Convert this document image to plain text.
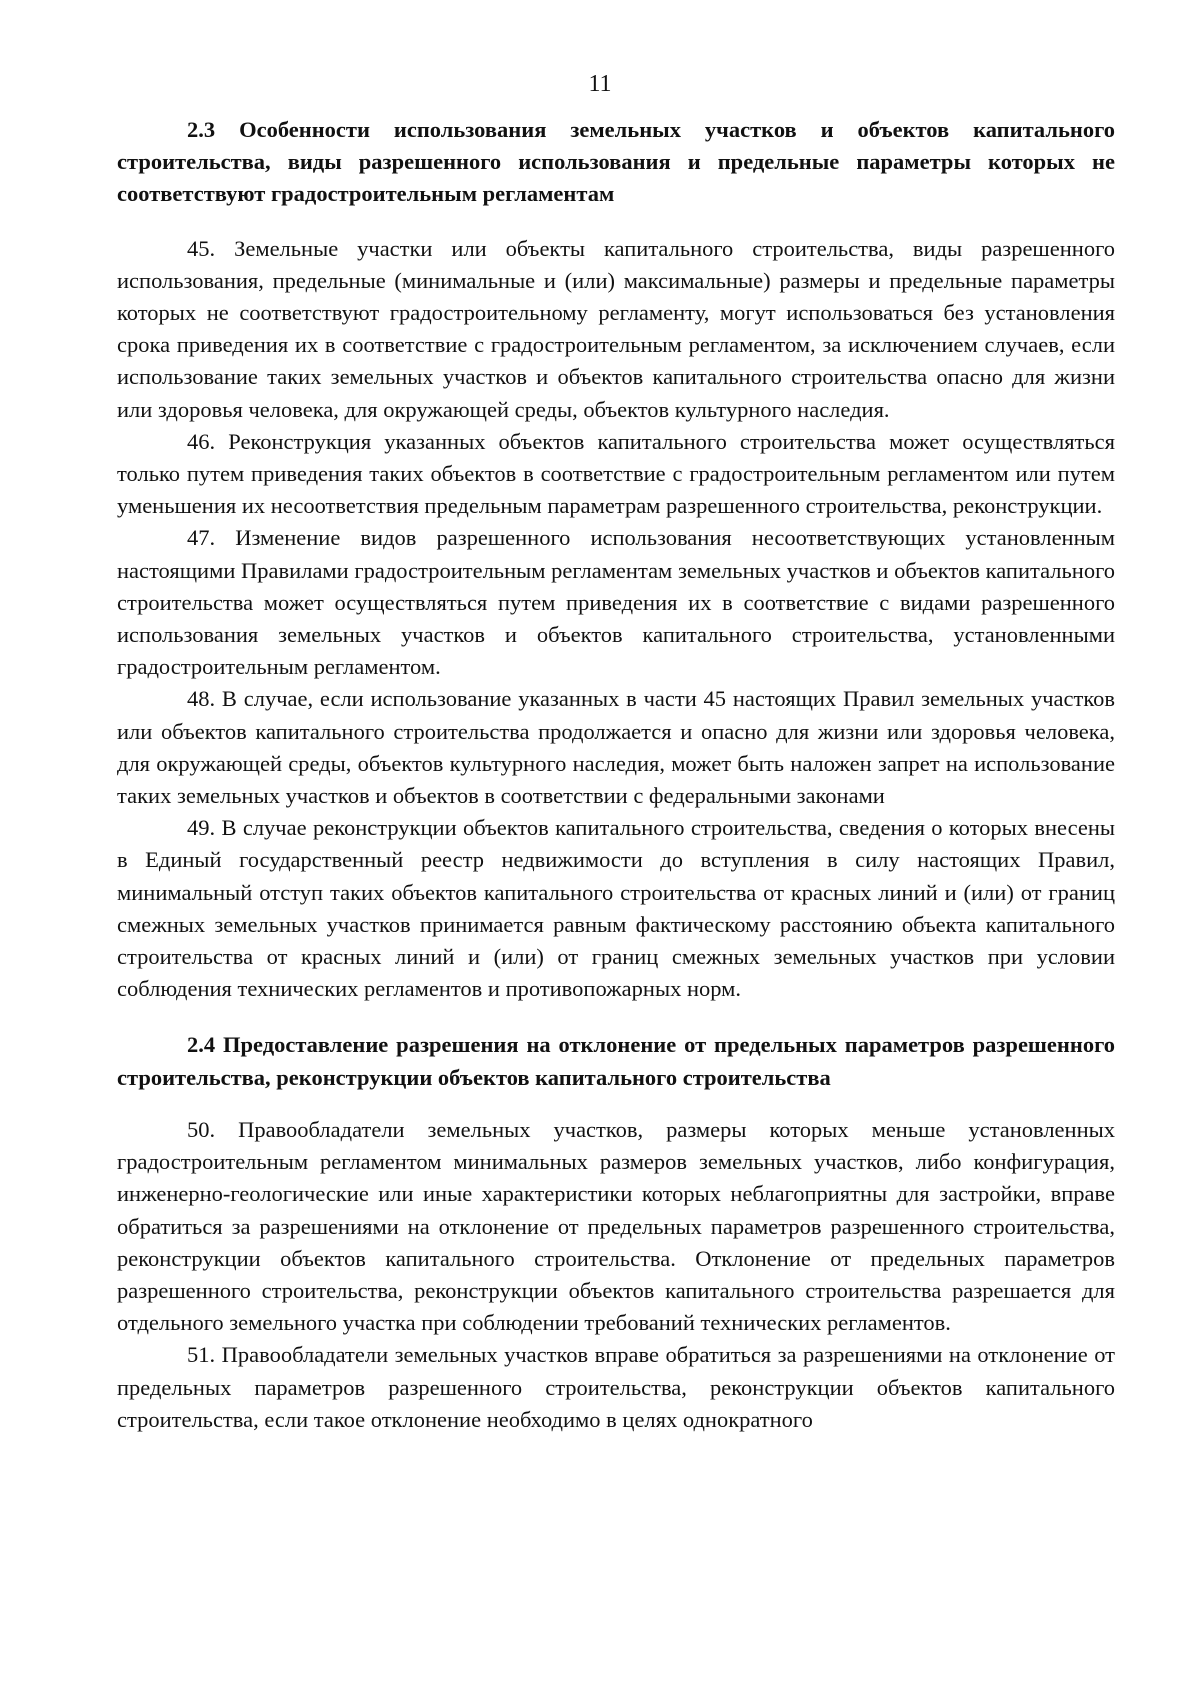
11

2.3 Особенности использования земельных участков и объектов капитального строительства, виды разрешенного использования и предельные параметры которых не соответствуют градостроительным регламентам

45. Земельные участки или объекты капитального строительства, виды разрешенного использования, предельные (минимальные и (или) максимальные) размеры и предельные параметры которых не соответствуют градостроительному регламенту, могут использоваться без установления срока приведения их в соответствие с градостроительным регламентом, за исключением случаев, если использование таких земельных участков и объектов капитального строительства опасно для жизни или здоровья человека, для окружающей среды, объектов культурного наследия.

46. Реконструкция указанных объектов капитального строительства может осуществляться только путем приведения таких объектов в соответствие с градостроительным регламентом или путем уменьшения их несоответствия предельным параметрам разрешенного строительства, реконструкции.

47. Изменение видов разрешенного использования несоответствующих установленным настоящими Правилами градостроительным регламентам земельных участков и объектов капитального строительства может осуществляться путем приведения их в соответствие с видами разрешенного использования земельных участков и объектов капитального строительства, установленными градостроительным регламентом.

48. В случае, если использование указанных в части 45 настоящих Правил земельных участков или объектов капитального строительства продолжается и опасно для жизни или здоровья человека, для окружающей среды, объектов культурного наследия, может быть наложен запрет на использование таких земельных участков и объектов в соответствии с федеральными законами

49. В случае реконструкции объектов капитального строительства, сведения о которых внесены в Единый государственный реестр недвижимости до вступления в силу настоящих Правил, минимальный отступ таких объектов капитального строительства от красных линий и (или) от границ смежных земельных участков принимается равным фактическому расстоянию объекта капитального строительства от красных линий и (или) от границ смежных земельных участков при условии соблюдения технических регламентов и противопожарных норм.

2.4 Предоставление разрешения на отклонение от предельных параметров разрешенного строительства, реконструкции объектов капитального строительства

50. Правообладатели земельных участков, размеры которых меньше установленных градостроительным регламентом минимальных размеров земельных участков, либо конфигурация, инженерно-геологические или иные характеристики которых неблагоприятны для застройки, вправе обратиться за разрешениями на отклонение от предельных параметров разрешенного строительства, реконструкции объектов капитального строительства. Отклонение от предельных параметров разрешенного строительства, реконструкции объектов капитального строительства разрешается для отдельного земельного участка при соблюдении требований технических регламентов.

51. Правообладатели земельных участков вправе обратиться за разрешениями на отклонение от предельных параметров разрешенного строительства, реконструкции объектов капитального строительства, если такое отклонение необходимо в целях однократного
